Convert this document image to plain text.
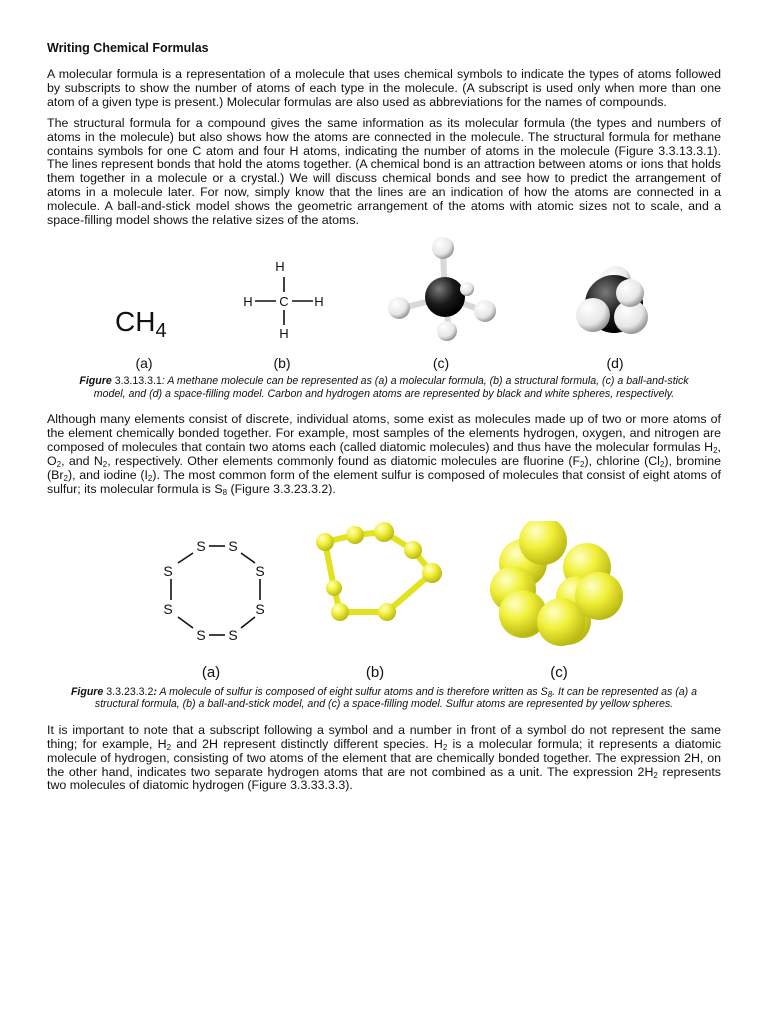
Writing Chemical Formulas

A molecular formula is a representation of a molecule that uses chemical symbols to indicate the types of atoms followed by subscripts to show the number of atoms of each type in the molecule. (A subscript is used only when more than one atom of a given type is present.) Molecular formulas are also used as abbreviations for the names of compounds.

The structural formula for a compound gives the same information as its molecular formula (the types and numbers of atoms in the molecule) but also shows how the atoms are connected in the molecule. The structural formula for methane contains symbols for one C atom and four H atoms, indicating the number of atoms in the molecule (Figure 3.3.13.3.1). The lines represent bonds that hold the atoms together. (A chemical bond is an attraction between atoms or ions that holds them together in a molecule or a crystal.) We will discuss chemical bonds and see how to predict the arrangement of atoms in a molecule later. For now, simply know that the lines are an indication of how the atoms are connected in a molecule. A ball-and-stick model shows the geometric arrangement of the atoms with atomic sizes not to scale, and a space-filling model shows the relative sizes of the atoms.

$CH_4$
H
H C H
H
(a)	(b)	(c)	(d)
Figure 3.3.13.3.1: A methane molecule can be represented as (a) a molecular formula, (b) a structural formula, (c) a ball-and-stick model, and (d) a space-filling model. Carbon and hydrogen atoms are represented by black and white spheres, respectively.

Although many elements consist of discrete, individual atoms, some exist as molecules made up of two or more atoms of the element chemically bonded together. For example, most samples of the elements hydrogen, oxygen, and nitrogen are composed of molecules that contain two atoms each (called diatomic molecules) and thus have the molecular formulas $H_2$, $O_2$, and $N_2$, respectively. Other elements commonly found as diatomic molecules are fluorine $(F_2)$, chlorine $(Cl_2)$, bromine $(Br_2)$, and iodine $(I_2)$. The most common form of the element sulfur is composed of molecules that consist of eight atoms of sulfur; its molecular formula is $S_8$ (Figure 3.3.23.3.2).

S S
S
S
S
S
S
S
(a)	(b)	(c)
Figure 3.3.23.3.2: A molecule of sulfur is composed of eight sulfur atoms and is therefore written as $S_8$. It can be represented as (a) a structural formula, (b) a ball-and-stick model, and (c) a space-filling model. Sulfur atoms are represented by yellow spheres.

It is important to note that a subscript following a symbol and a number in front of a symbol do not represent the same thing; for example, $H_2$ and 2H represent distinctly different species. $H_2$ is a molecular formula; it represents a diatomic molecule of hydrogen, consisting of two atoms of the element that are chemically bonded together. The expression 2H, on the other hand, indicates two separate hydrogen atoms that are not combined as a unit. The expression $2H_2$ represents two molecules of diatomic hydrogen (Figure 3.3.33.3.3).
